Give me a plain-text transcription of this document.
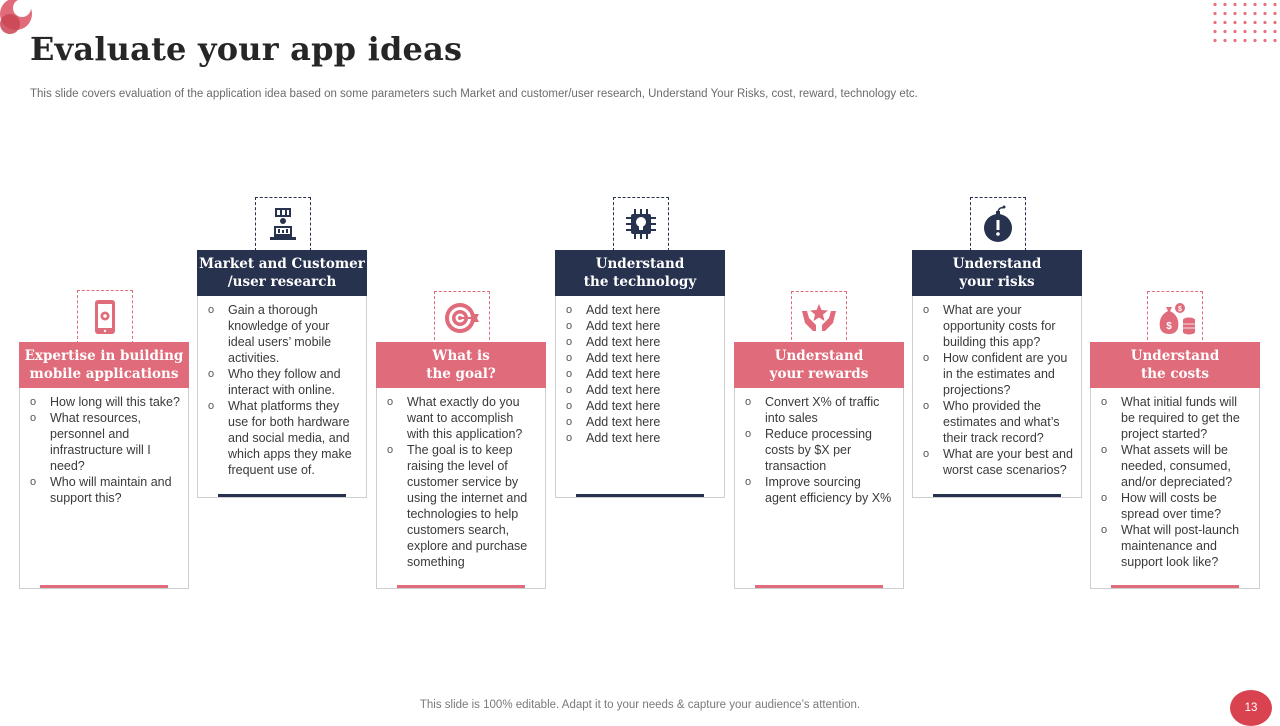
Evaluate your app ideas
This slide covers evaluation of the application idea based on some parameters such Market and customer/user research, Understand Your Risks, cost, reward, technology etc.
Expertise in building
mobile applications
o How long will this take?
o What resources, personnel and infrastructure will I need?
o Who will maintain and support this?
Market and Customer
/user research
o Gain a thorough knowledge of your ideal users’ mobile activities.
o Who they follow and interact with online.
o What platforms they use for both hardware and social media, and which apps they make frequent use of.
What is
the goal?
o What exactly do you want to accomplish with this application?
o The goal is to keep raising the level of customer service by using the internet and technologies to help customers search, explore and purchase something
Understand
the technology
o Add text here
o Add text here
o Add text here
o Add text here
o Add text here
o Add text here
o Add text here
o Add text here
o Add text here
Understand
your rewards
o Convert X% of traffic into sales
o Reduce processing costs by $X per transaction
o Improve sourcing agent efficiency by X%
Understand
your risks
o What are your opportunity costs for building this app?
o How confident are you in the estimates and projections?
o Who provided the estimates and what’s their track record?
o What are your best and worst case scenarios?
$
$
Understand
the costs
o What initial funds will be required to get the project started?
o What assets will be needed, consumed, and/or depreciated?
o How will costs be spread over time?
o What will post-launch maintenance and support look like?
This slide is 100% editable. Adapt it to your needs & capture your audience’s attention.	13
